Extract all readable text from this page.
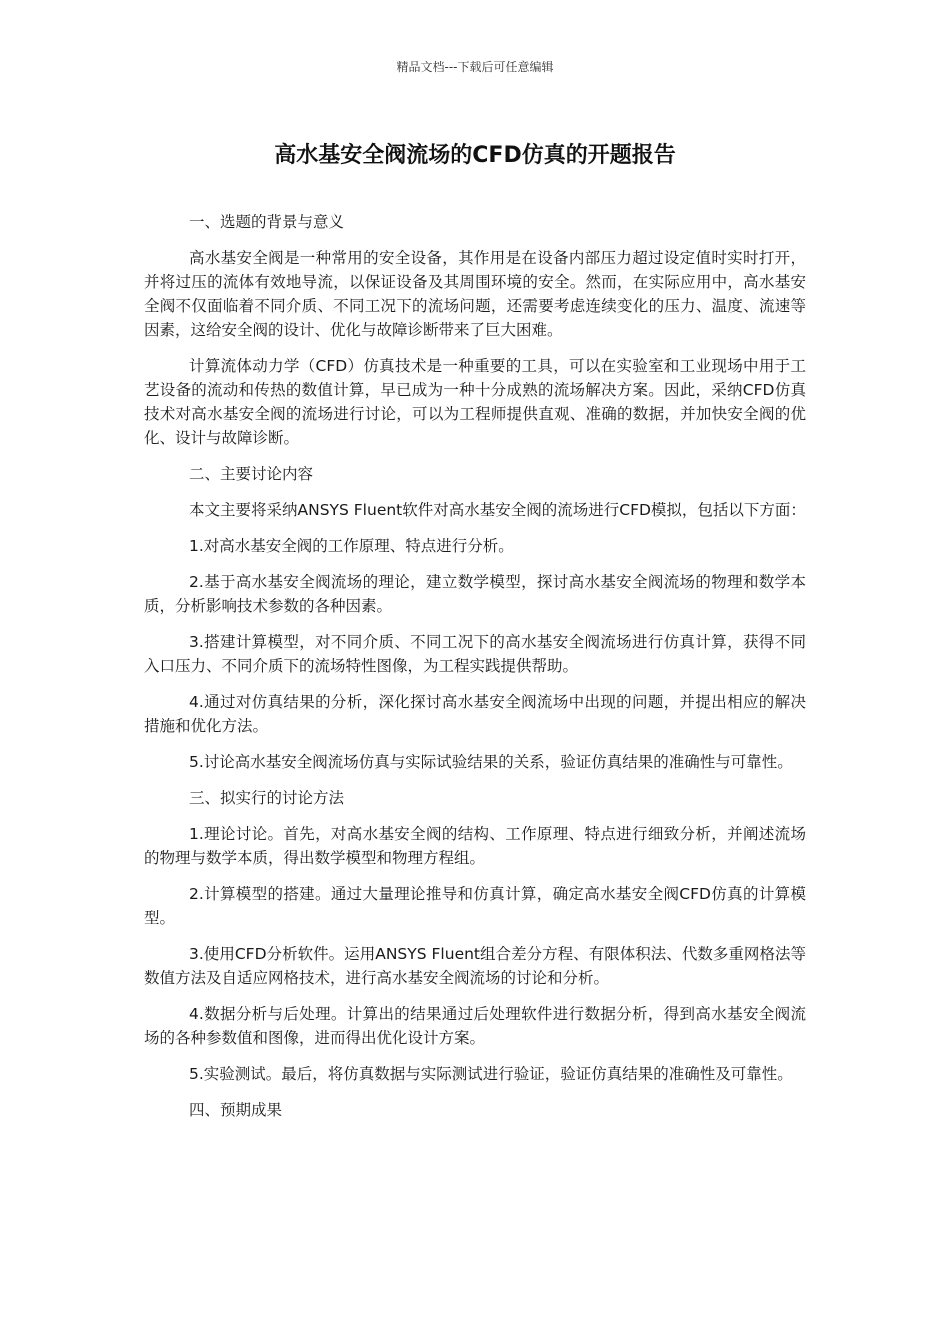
精品文档---下载后可任意编辑
高水基安全阀流场的CFD仿真的开题报告

一、选题的背景与意义

高水基安全阀是一种常用的安全设备，其作用是在设备内部压力超过设定值时实时打开，并将过压的流体有效地导流，以保证设备及其周围环境的安全。然而，在实际应用中，高水基安全阀不仅面临着不同介质、不同工况下的流场问题，还需要考虑连续变化的压力、温度、流速等因素，这给安全阀的设计、优化与故障诊断带来了巨大困难。

计算流体动力学（CFD）仿真技术是一种重要的工具，可以在实验室和工业现场中用于工艺设备的流动和传热的数值计算，早已成为一种十分成熟的流场解决方案。因此，采纳CFD仿真技术对高水基安全阀的流场进行讨论，可以为工程师提供直观、准确的数据，并加快安全阀的优化、设计与故障诊断。

二、主要讨论内容

本文主要将采纳ANSYS Fluent软件对高水基安全阀的流场进行CFD模拟，包括以下方面：

1.对高水基安全阀的工作原理、特点进行分析。

2.基于高水基安全阀流场的理论，建立数学模型，探讨高水基安全阀流场的物理和数学本质，分析影响技术参数的各种因素。

3.搭建计算模型，对不同介质、不同工况下的高水基安全阀流场进行仿真计算，获得不同入口压力、不同介质下的流场特性图像，为工程实践提供帮助。

4.通过对仿真结果的分析，深化探讨高水基安全阀流场中出现的问题，并提出相应的解决措施和优化方法。

5.讨论高水基安全阀流场仿真与实际试验结果的关系，验证仿真结果的准确性与可靠性。

三、拟实行的讨论方法

1.理论讨论。首先，对高水基安全阀的结构、工作原理、特点进行细致分析，并阐述流场的物理与数学本质，得出数学模型和物理方程组。

2.计算模型的搭建。通过大量理论推导和仿真计算，确定高水基安全阀CFD仿真的计算模型。

3.使用CFD分析软件。运用ANSYS Fluent组合差分方程、有限体积法、代数多重网格法等数值方法及自适应网格技术，进行高水基安全阀流场的讨论和分析。

4.数据分析与后处理。计算出的结果通过后处理软件进行数据分析，得到高水基安全阀流场的各种参数值和图像，进而得出优化设计方案。

5.实验测试。最后，将仿真数据与实际测试进行验证，验证仿真结果的准确性及可靠性。

四、预期成果
